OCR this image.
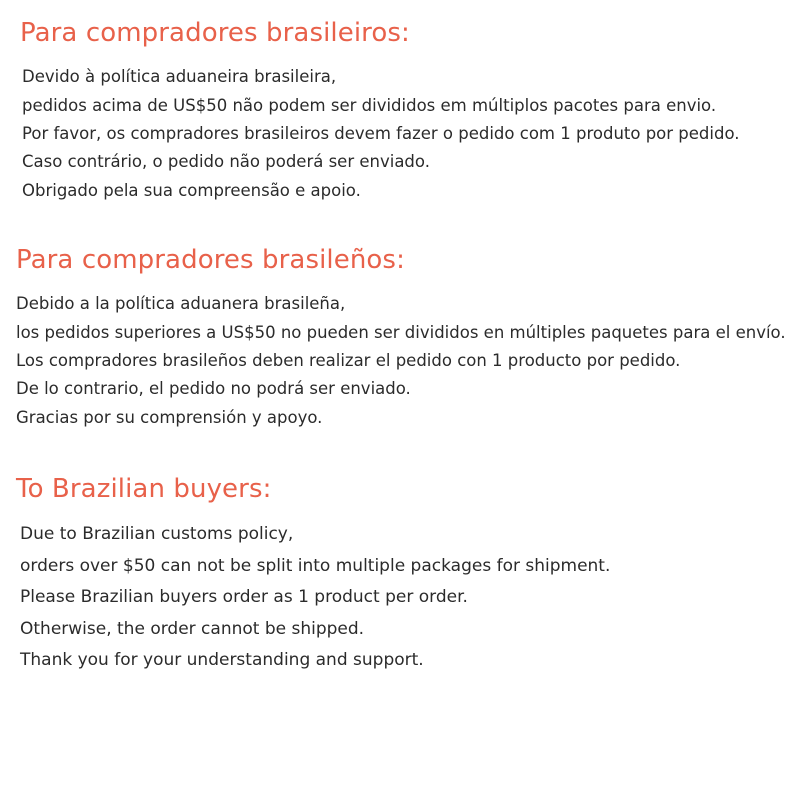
Para compradores brasileiros:
Devido à política aduaneira brasileira,
pedidos acima de US$50 não podem ser divididos em múltiplos pacotes para envio.
Por favor, os compradores brasileiros devem fazer o pedido com 1 produto por pedido.
Caso contrário, o pedido não poderá ser enviado.
Obrigado pela sua compreensão e apoio.
Para compradores brasileños:
Debido a la política aduanera brasileña,
los pedidos superiores a US$50 no pueden ser divididos en múltiples paquetes para el envío.
Los compradores brasileños deben realizar el pedido con 1 producto por pedido.
De lo contrario, el pedido no podrá ser enviado.
Gracias por su comprensión y apoyo.
To Brazilian buyers:
Due to Brazilian customs policy,
orders over $50 can not be split into multiple packages for shipment.
Please Brazilian buyers order as 1 product per order.
Otherwise, the order cannot be shipped.
Thank you for your understanding and support.
